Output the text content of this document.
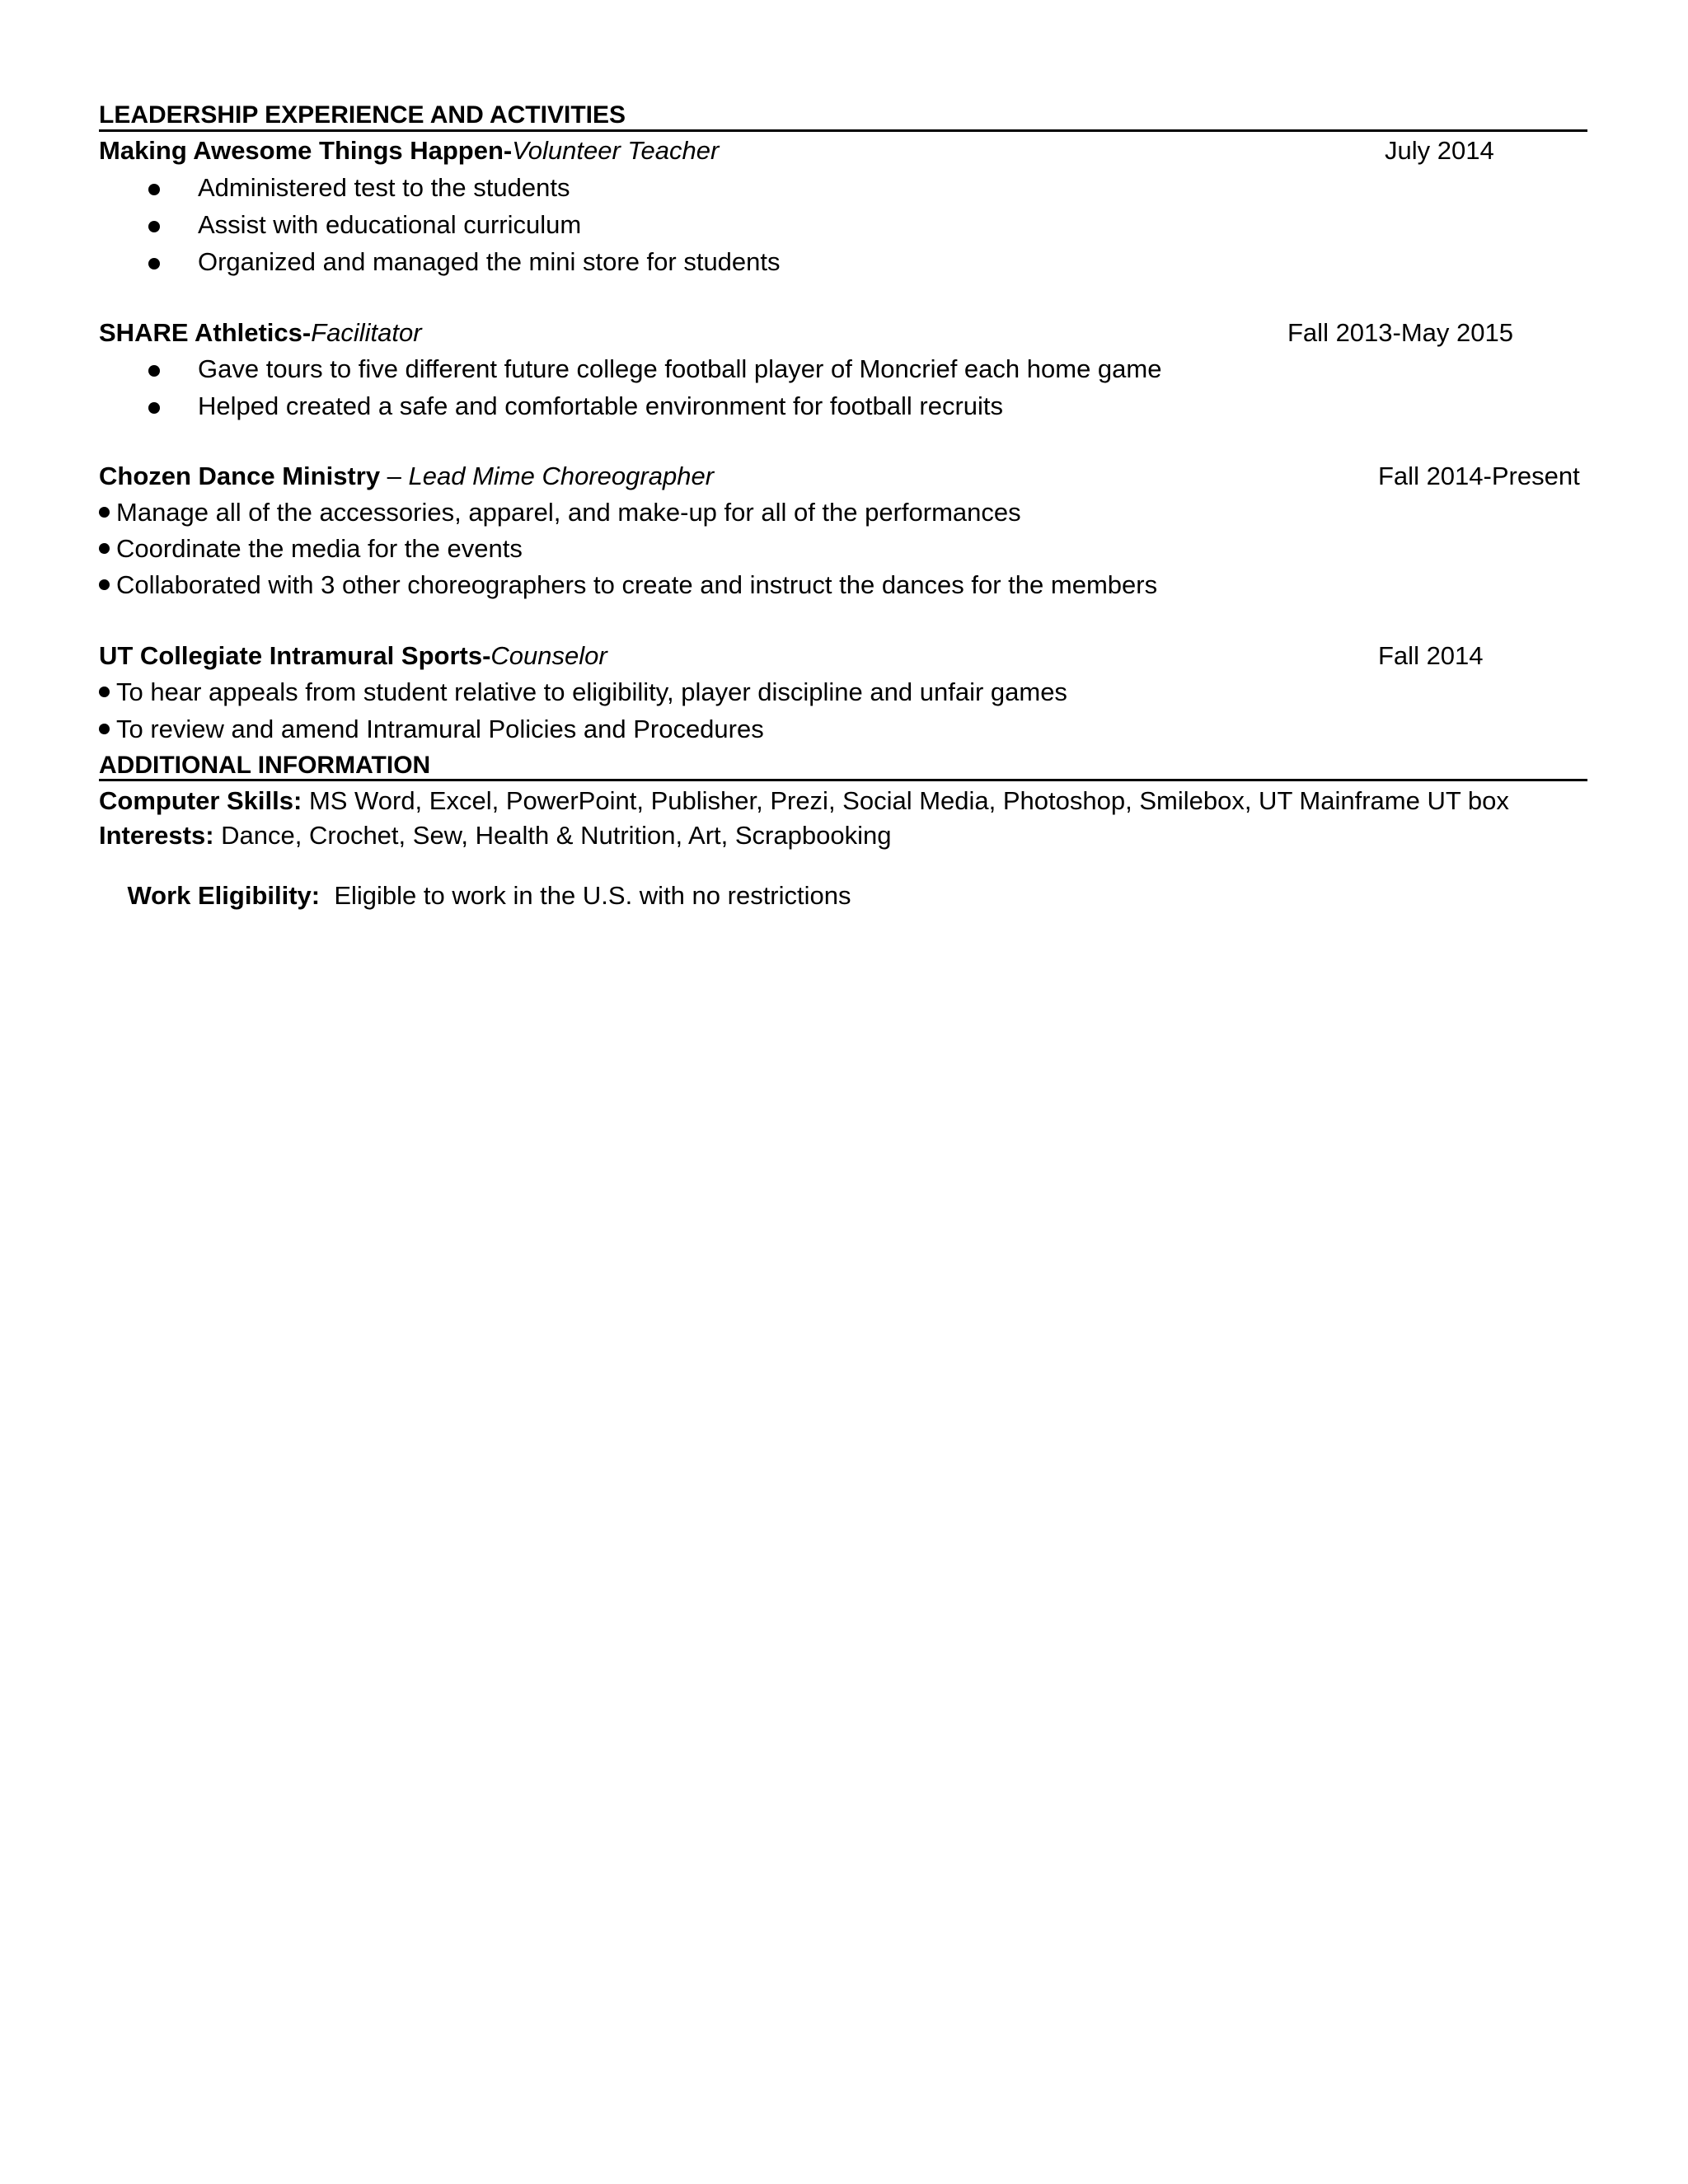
LEADERSHIP EXPERIENCE AND ACTIVITIES
Making Awesome Things Happen-Volunteer Teacher	July 2014
Administered test to the students
Assist with educational curriculum
Organized and managed the mini store for students
SHARE Athletics-Facilitator	Fall 2013-May 2015
Gave tours to five different future college football player of Moncrief each home game
Helped created a safe and comfortable environment for football recruits
Chozen Dance Ministry – Lead Mime Choreographer	Fall 2014-Present
Manage all of the accessories, apparel, and make-up for all of the performances
Coordinate the media for the events
Collaborated with 3 other choreographers to create and instruct the dances for the members
UT Collegiate Intramural Sports-Counselor	Fall 2014
To hear appeals from student relative to eligibility, player discipline and unfair games
To review and amend Intramural Policies and Procedures
ADDITIONAL INFORMATION
Computer Skills: MS Word, Excel, PowerPoint, Publisher, Prezi, Social Media, Photoshop, Smilebox, UT Mainframe UT box
Interests: Dance, Crochet, Sew, Health & Nutrition, Art, Scrapbooking

Work Eligibility:  Eligible to work in the U.S. with no restrictions
